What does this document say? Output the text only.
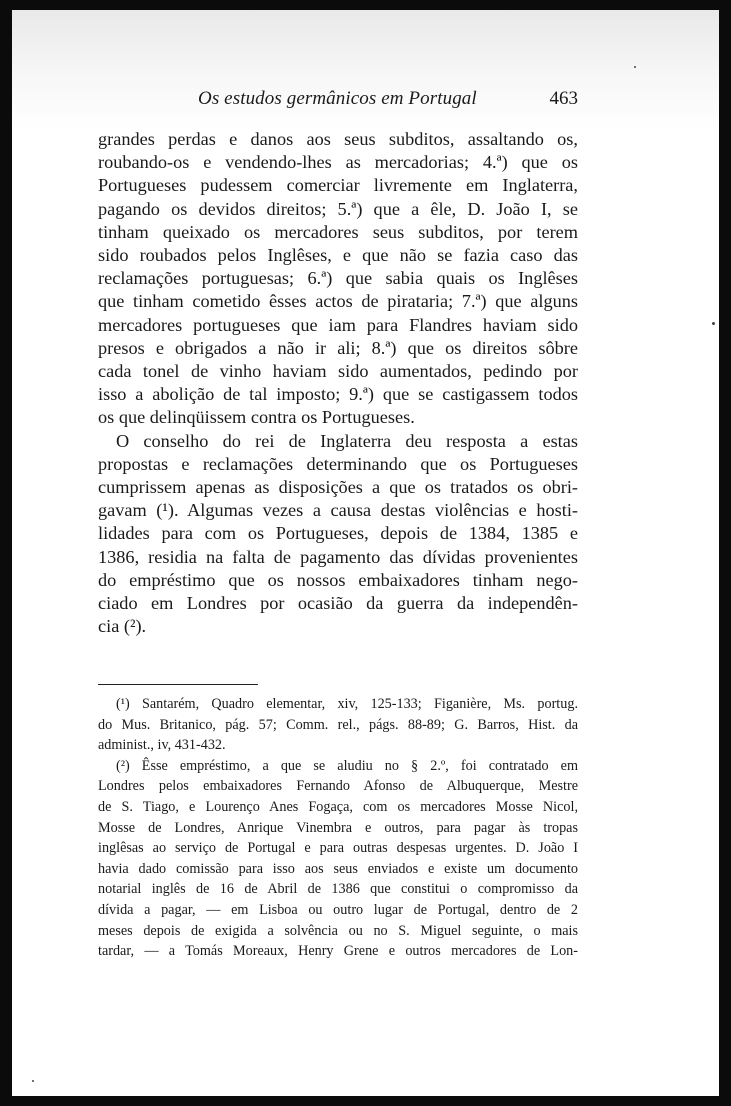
Os estudos germânicos em Portugal	463
grandes perdas e danos aos seus subditos, assaltando os,
roubando-os e vendendo-lhes as mercadorias; 4.ª) que os
Portugueses pudessem comerciar livremente em Inglaterra,
pagando os devidos direitos; 5.ª) que a êle, D. João I, se
tinham queixado os mercadores seus subditos, por terem
sido roubados pelos Inglêses, e que não se fazia caso das
reclamações portuguesas; 6.ª) que sabia quais os Inglêses
que tinham cometido êsses actos de pirataria; 7.ª) que alguns
mercadores portugueses que iam para Flandres haviam sido
presos e obrigados a não ir ali; 8.ª) que os direitos sôbre
cada tonel de vinho haviam sido aumentados, pedindo por
isso a abolição de tal imposto; 9.ª) que se castigassem todos
os que delinqüissem contra os Portugueses.
O conselho do rei de Inglaterra deu resposta a estas
propostas e reclamações determinando que os Portugueses
cumprissem apenas as disposições a que os tratados os obri-
gavam (¹). Algumas vezes a causa destas violências e hosti-
lidades para com os Portugueses, depois de 1384, 1385 e
1386, residia na falta de pagamento das dívidas provenientes
do empréstimo que os nossos embaixadores tinham nego-
ciado em Londres por ocasião da guerra da independên-
cia (²).
(¹) Santarém, Quadro elementar, xiv, 125-133; Figanière, Ms. portug.
do Mus. Britanico, pág. 57; Comm. rel., págs. 88-89; G. Barros, Hist. da
administ., iv, 431-432.
(²) Êsse empréstimo, a que se aludiu no § 2.º, foi contratado em
Londres pelos embaixadores Fernando Afonso de Albuquerque, Mestre
de S. Tiago, e Lourenço Anes Fogaça, com os mercadores Mosse Nicol,
Mosse de Londres, Anrique Vinembra e outros, para pagar às tropas
inglêsas ao serviço de Portugal e para outras despesas urgentes. D. João I
havia dado comissão para isso aos seus enviados e existe um documento
notarial inglês de 16 de Abril de 1386 que constitui o compromisso da
dívida a pagar, — em Lisboa ou outro lugar de Portugal, dentro de 2
meses depois de exigida a solvência ou no S. Miguel seguinte, o mais
tardar, — a Tomás Moreaux, Henry Grene e outros mercadores de Lon-
